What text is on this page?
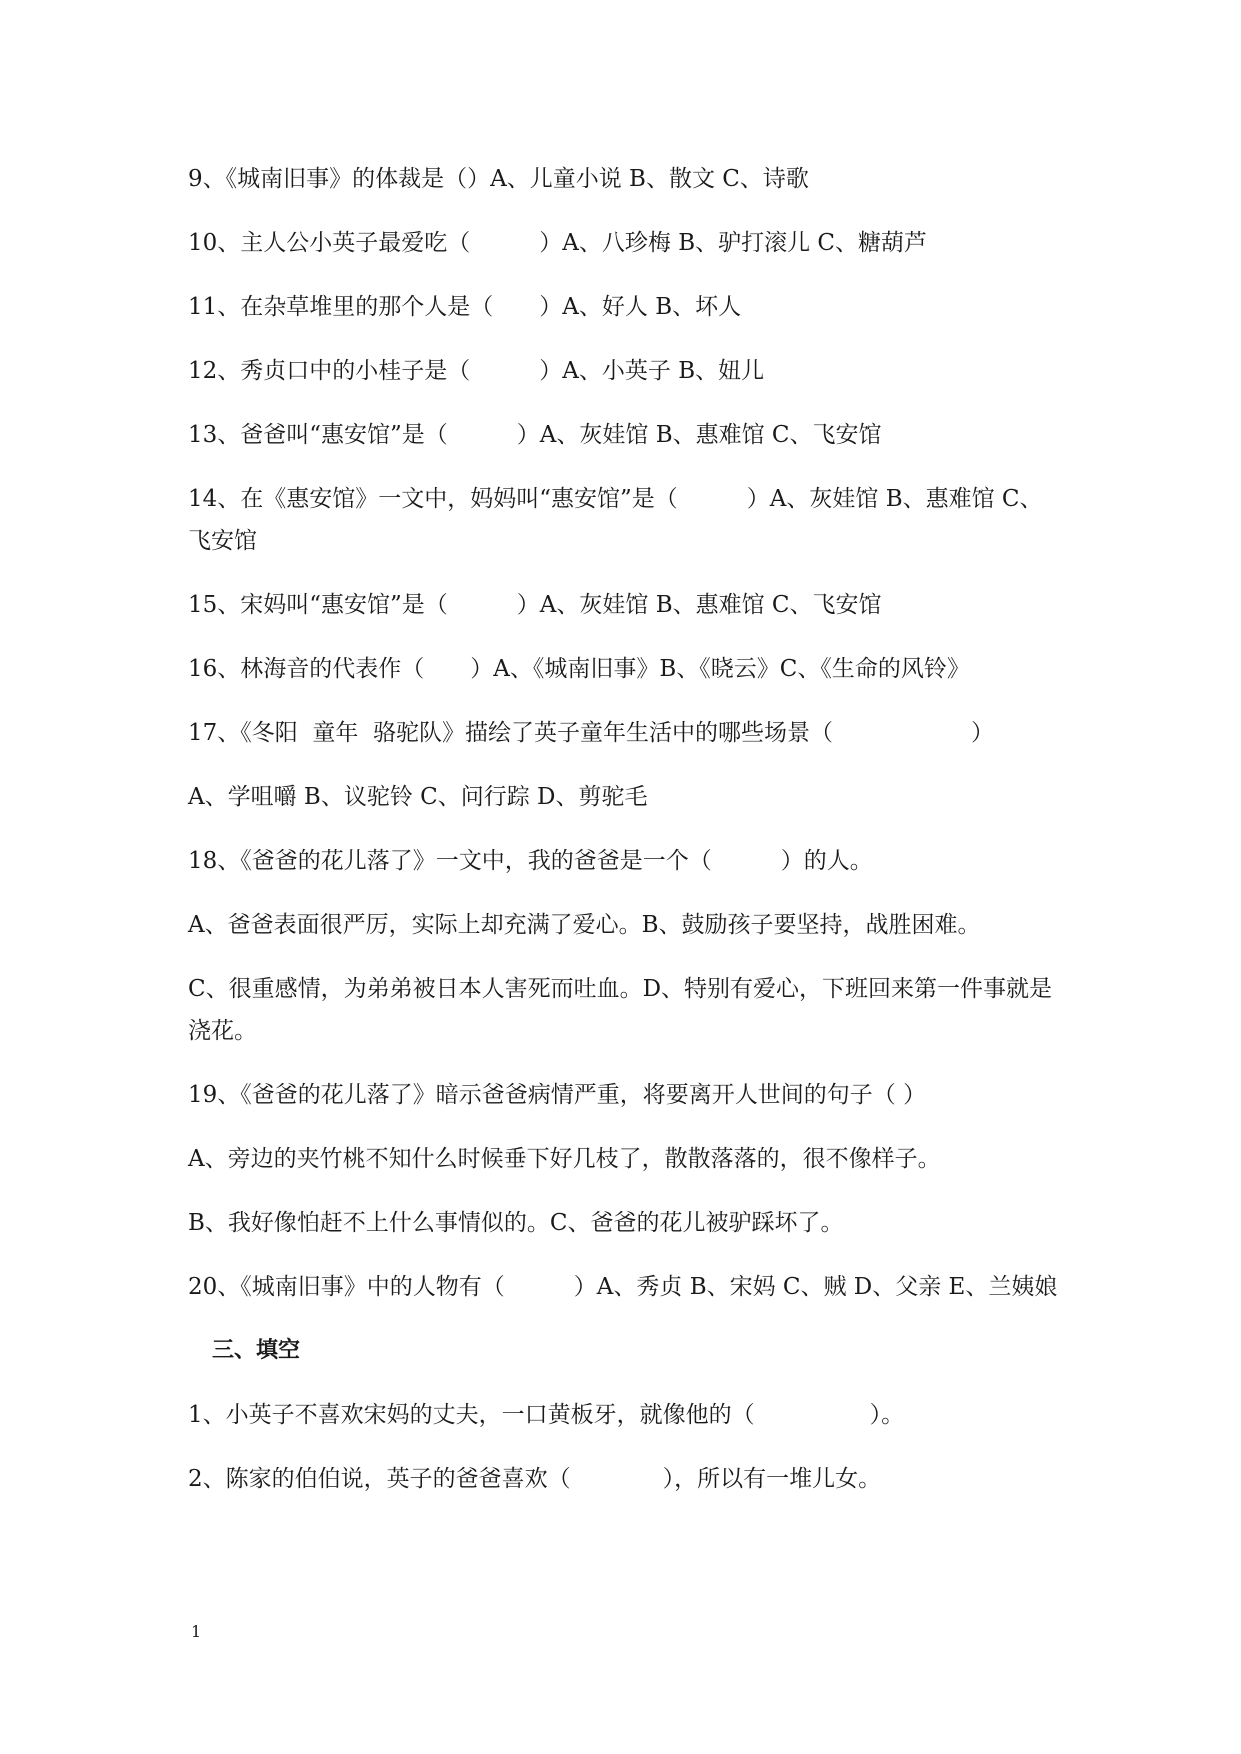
9、《城南旧事》的体裁是（）A、儿童小说 B、散文 C、诗歌

10、主人公小英子最爱吃（　　　）A、八珍梅 B、驴打滚儿 C、糖葫芦

11、在杂草堆里的那个人是（　　）A、好人 B、坏人

12、秀贞口中的小桂子是（　　　）A、小英子 B、妞儿

13、爸爸叫“惠安馆”是（　　　）A、灰娃馆 B、惠难馆 C、飞安馆

14、在《惠安馆》一文中，妈妈叫“惠安馆”是（　　　）A、灰娃馆 B、惠难馆 C、飞安馆

15、宋妈叫“惠安馆”是（　　　）A、灰娃馆 B、惠难馆 C、飞安馆

16、林海音的代表作（　　）A、《城南旧事》B、《晓云》C、《生命的风铃》

17、《冬阳  童年  骆驼队》描绘了英子童年生活中的哪些场景（　　　　　　）

A、学咀嚼 B、议驼铃 C、问行踪 D、剪驼毛

18、《爸爸的花儿落了》一文中，我的爸爸是一个（　　　）的人。

A、爸爸表面很严厉，实际上却充满了爱心。B、鼓励孩子要坚持，战胜困难。

C、很重感情，为弟弟被日本人害死而吐血。D、特别有爱心，下班回来第一件事就是浇花。

19、《爸爸的花儿落了》暗示爸爸病情严重，将要离开人世间的句子（ ）

A、旁边的夹竹桃不知什么时候垂下好几枝了，散散落落的，很不像样子。

B、我好像怕赶不上什么事情似的。C、爸爸的花儿被驴踩坏了。

20、《城南旧事》中的人物有（　　　）A、秀贞 B、宋妈 C、贼 D、父亲 E、兰姨娘

三、填空

1、小英子不喜欢宋妈的丈夫，一口黄板牙，就像他的（　　　　　）。

2、陈家的伯伯说，英子的爸爸喜欢（　　　　），所以有一堆儿女。

1
